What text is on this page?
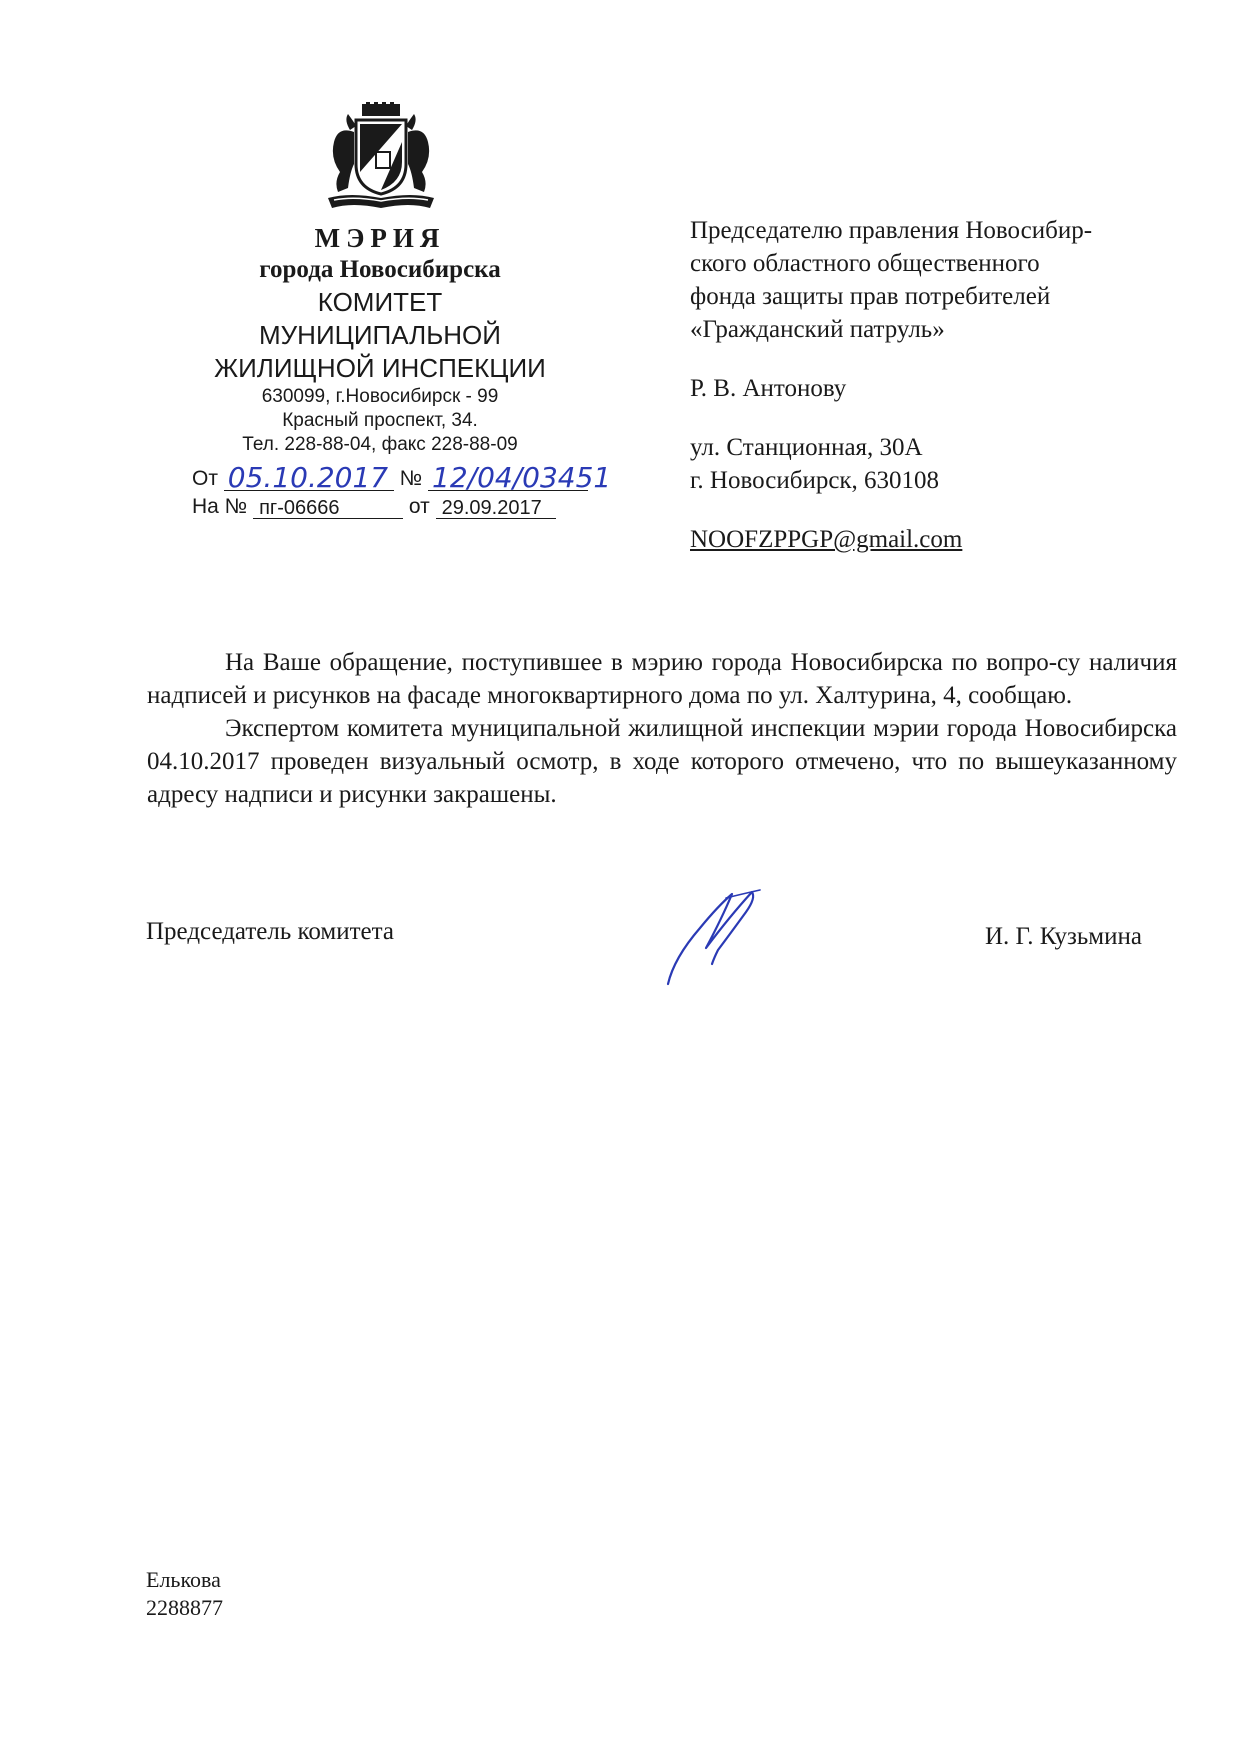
МЭРИЯ
города Новосибирска
КОМИТЕТ
МУНИЦИПАЛЬНОЙ
ЖИЛИЩНОЙ ИНСПЕКЦИИ
630099, г.Новосибирск - 99
Красный проспект, 34.
Тел. 228-88-04, факс 228-88-09
От 05.10.2017 № 12/04/03451
На № пг-06666	от 29.09.2017
Председателю правления Новосибир-
ского областного общественного
фонда защиты прав потребителей
«Гражданский патруль»
Р. В. Антонову
ул. Станционная, 30А
г. Новосибирск, 630108
NOOFZPPGP@gmail.com

На Ваше обращение, поступившее в мэрию города Новосибирска по вопро-су наличия надписей и рисунков на фасаде многоквартирного дома по ул. Халтурина, 4, сообщаю.

Экспертом комитета муниципальной жилищной инспекции мэрии города Новосибирска 04.10.2017 проведен визуальный осмотр, в ходе которого отмечено, что по вышеуказанному адресу надписи и рисунки закрашены.

Председатель комитета	И. Г. Кузьмина
Елькова
2288877
